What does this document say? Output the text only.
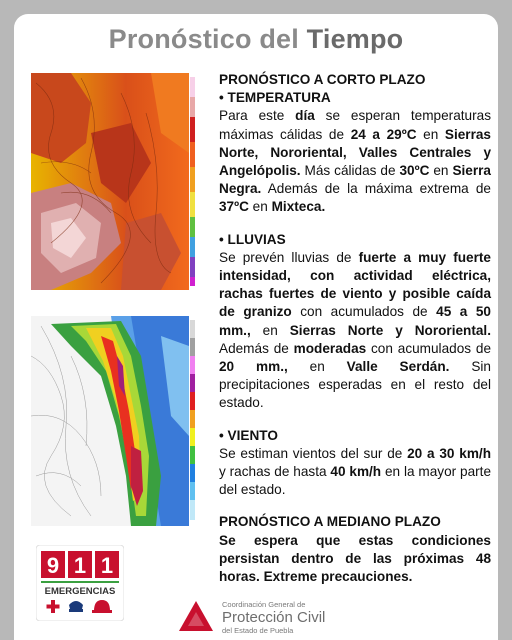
Pronóstico del Tiempo

PRONÓSTICO A CORTO PLAZO

• TEMPERATURA

Para este día se esperan temperaturas máximas cálidas de 24 a 29ºC en Sierras Norte, Nororiental, Valles Centrales y Angelópolis. Más cálidas de 30ºC en Sierra Negra. Además de la máxima extrema de 37ºC en Mixteca.

• LLUVIAS

Se prevén lluvias de fuerte a muy fuerte intensidad, con actividad eléctrica, rachas fuertes de viento y posible caída de granizo con acumulados de 45 a 50 mm., en Sierras Norte y Nororiental. Además de moderadas con acumulados de 20 mm., en Valle Serdán. Sin precipitaciones esperadas en el resto del estado.

• VIENTO

Se estiman vientos del sur de 20 a 30 km/h y rachas de hasta 40 km/h en la mayor parte del estado.

PRONÓSTICO A MEDIANO PLAZO

Se espera que estas condiciones persistan dentro de las próximas 48 horas. Extreme precauciones.

9 1 1
EMERGENCIAS
Coordinación General de
Protección Civil
del Estado de Puebla
